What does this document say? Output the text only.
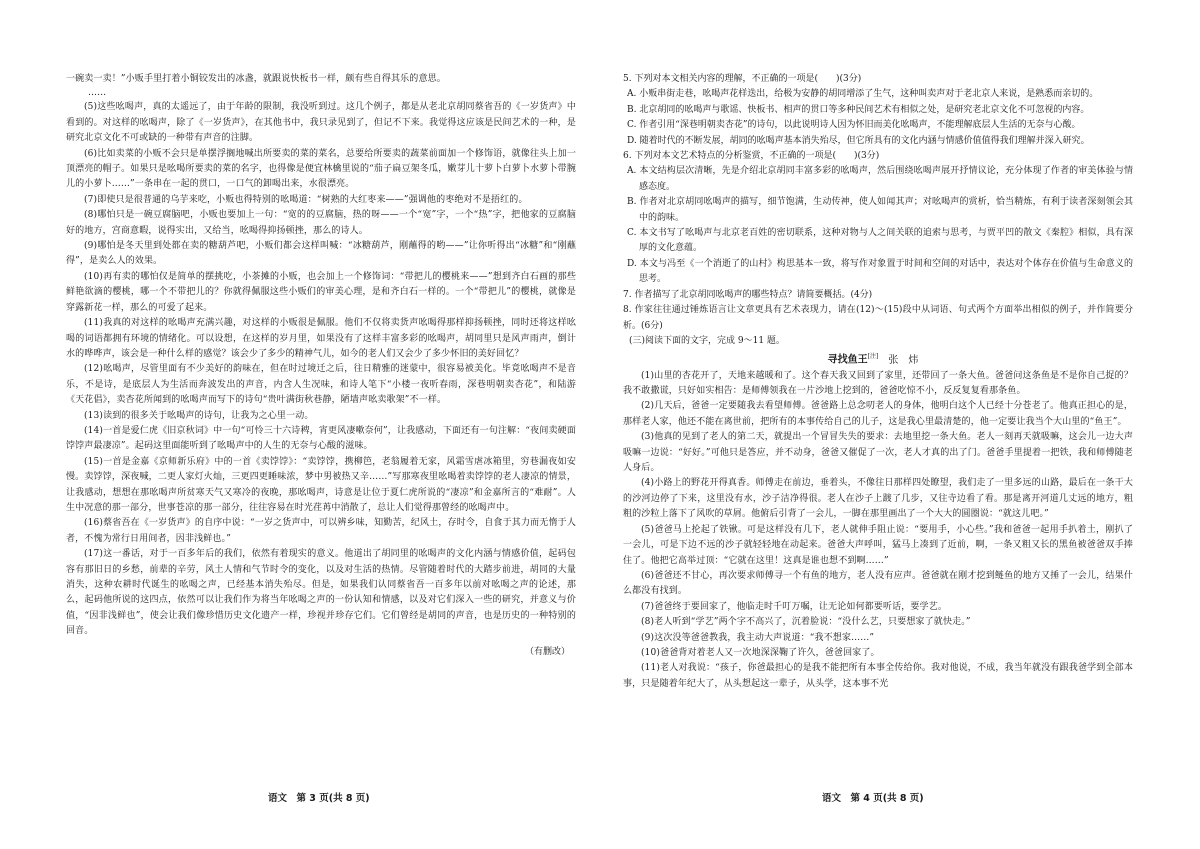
一碗卖一卖！”小贩手里打着小铜铰发出的冰盏，就跟说快板书一样，颇有些自得其乐的意思。

……

(5)这些吆喝声，真的太遥远了，由于年龄的限制，我没听到过。这几个例子，都是从老北京胡同蔡省吾的《一岁货声》中看到的。对这样的吆喝声，除了《一岁货声》，在其他书中，我只录见到了，但记不下来。我觉得这应该是民间艺术的一种，是研究北京文化不可或缺的一种带有声音的注脚。

(6)比如卖菜的小贩不会只是单摆浮搁地喊出所要卖的菜的菜名，总要给所要卖的蔬菜前面加一个修饰语，就像往头上加一顶漂亮的帽子。如果只是吆喝所要卖的菜的名字，也得像是便宜林檎里说的“茄子扁豆架冬瓜，嫩芽儿十萝卜白萝卜水萝卜带腕儿的小萝卜……”一条串在一起的贯口，一口气的卸喝出来，水很漂亮。

(7)即使只是很普通的乌芋来吃，小贩也得特别的吆喝道：“树熟的大红枣来——”强调他的枣绝对不是捂红的。

(8)哪怕只是一碗豆腐脑吧，小贩也要加上一句：“宽的的豆腐脑，热的呀——一个“宽”字，一个“热”字，把他家的豆腐脑好的地方，宫商意暇，说得实出，又给当，吆喝得抑扬顿挫，那么的诗人。

(9)哪怕是冬天里到处都在卖的糖葫芦吧，小贩们都会这样叫喊：“冰糖葫芦，刚蘸得的哟——”让你听得出“冰糖”和“刚蘸得”，是卖么人的效果。

(10)再有卖的哪怕仅是简单的摆挑吃，小茶摊的小贩，也会加上一个修饰词：“带把儿的樱桃来——”想到齐白石画的那些鲜艳欲滴的樱桃，哪一个不带把儿的？你就得佩服这些小贩们的审美心理，是和齐白石一样的。一个“带把儿”的樱桃，就像是穿露新花一样，那么的可爱了起来。

(11)我真的对这样的吆喝声充满兴趣，对这样的小贩很是佩服。他们不仅将卖货声吆喝得那样抑扬顿挫，同时还将这样吆喝的词语都拥有环境的情绪化。可以设想，在这样的岁月里，如果没有了这样丰富多彩的吆喝声，胡同里只是风声雨声，倒计水的哗哗声，该会是一种什么样的感觉？该会少了多少的精神气儿，如今的老人们又会少了多少怀旧的美好回忆？

(12)吆喝声，尽管里面有不少美好的韵味在，但在时过境迁之后，往日精雅的迷蒙中，很容易被美化。毕竟吆喝声不是音乐，不是诗，是底层人为生活而奔波发出的声音，内含人生况味，和诗人笔下“小楼一夜听春雨，深巷明朝卖杏花”，和陆游《天花倡》，卖杏花所闻到的吆喝声而写下的诗句“贵叶满街秋巷静，陋墙声吆卖歌架”不一样。

(13)读到的很多关于吆喝声的诗句，让我为之心里一动。

(14)一首是爱仁虎《旧京秋词》中一句“可怜三十六诗稗，宵更风凄嗽奈何”，让我感动，下面还有一句注解：“夜间卖硬面饽饽声最凄凉”。起码这里面能听到了吆喝声中的人生的无奈与心酸的滋味。

(15)一首是金嘉《京师新乐府》中的一首《卖饽饽》：“卖饽饽，携柳笆，老翁履着无家，风霜雪虐冰箱里，穷巷漏夜如安慢。卖饽饽，深夜喊，二更人家灯火灿，三更四更睡味浓，梦中男被热又辛……”写那寒夜里吆喝着卖饽饽的老人凄凉的情景，让我感动，想想在那吆喝声所贫寒天气又寒冷的夜晚，那吆喝声，诗意是让位于夏仁虎所说的“凄凉”和金嘉所言的“难耐”。人生中况意的那一部分，世事苍凉的那一部分，往往容易在时光荏苒中消散了，总让人们觉得那曾经的吆喝声中。

(16)蔡省吾在《一岁货声》的自序中说：“一岁之货声中，可以辨乡味，知勤苦，纪风土，存时令，自食于其力而无惰于人者，不愧为常行日用间者，因非浅鲜也。”

(17)这一番话，对于一百多年后的我们，依然有着现实的意义。他道出了胡同里的吆喝声的文化内涵与情感价值，起码包容有那旧日的乡愁，前辈的辛劳，风土人情和气节时令的变化，以及对生活的热情。尽管随着时代的大踏步前进，胡同的大量消失，这种农耕时代诞生的吆喝之声，已经基本消失殆尽。但是，如果我们认同蔡省吾一百多年以前对吆喝之声的论述，那么，起码他所说的这四点，依然可以让我们作为将当年吆喝之声的一份认知和情感，以及对它们深入一些的研究，并意义与价值，“因非浅鲜也”，使会让我们像珍惜历史文化遗产一样，珍视并珍存它们。它们曾经是胡同的声音，也是历史的一种特别的回音。

（有删改）

5. 下列对本文相关内容的理解，不正确的一项是(　　)(3分)

A. 小贩串街走巷，吆喝声花样迭出，给极为安静的胡同增添了生气，这种叫卖声对于老北京人来说，是熟悉而亲切的。

B. 北京胡同的吆喝声与歌谣、快板书、相声的贯口等多种民间艺术有相似之处，是研究老北京文化不可忽视的内容。

C. 作者引用“深巷明朝卖杏花”的诗句，以此说明诗人因为怀旧而美化吆喝声，不能理解底层人生活的无奈与心酸。

D. 随着时代的不断发展，胡同的吆喝声基本消失殆尽，但它所具有的文化内涵与情感价值值得我们理解并深入研究。

6. 下列对本文艺术特点的分析鉴赏，不正确的一项是(　　)(3分)

A. 本文结构层次清晰，先是介绍北京胡同丰富多彩的吆喝声，然后围绕吆喝声展开抒情议论，充分体现了作者的审美体验与情感态度。

B. 作者对北京胡同吆喝声的描写，细节饱满，生动传神，使人如闻其声；对吆喝声的赏析，恰当精炼，有利于读者深刻领会其中的韵味。

C. 本文书写了吆喝声与北京老百姓的密切联系，这种对物与人之间关联的追索与思考，与贾平凹的散文《秦腔》相似，具有深厚的文化意蕴。

D. 本文与冯至《一个消逝了的山村》构思基本一致，将写作对象置于时间和空间的对话中，表达对个体存在价值与生命意义的思考。

7. 作者描写了北京胡同吆喝声的哪些特点？请简要概括。(4分)

8. 作家往往通过锤炼语言让文章更具有艺术表现力，请在(12)～(15)段中从词语、句式两个方面举出相似的例子，并作简要分析。(6分)

(三)阅读下面的文字，完成 9～11 题。

寻找鱼王[注] 张炜

(1)山里的杏花开了，天地来越暖和了。这个春天我又回到了家里，还带回了一条大鱼。爸爸问这条鱼是不是你自己捉的？我不敢撒谎，只好如实相告：是师傅领我在一片沙地上挖到的，爸爸吃惊不小，反反复复看那条鱼。

(2)几天后，爸爸一定要随我去看望师傅。爸爸路上总念叨老人的身体，他明白这个人已经十分苍老了。他真正担心的是，那样老人家，他还不能在离世前，把所有的本事传给自己的儿子，这是我心里最清楚的，他一定要让我当个大山里的“鱼王”。

(3)他真的见到了老人的第二天，就提出一个冒冒失失的要求：去地里挖一条大鱼。老人一刻再天就吸嘛，这会儿一边大声吸嘛一边说：“好好。”可他只是答应，并不动身，爸爸又催促了一次，老人才真的出了门。爸爸手里提着一把铁，我和师傅随老人身后。

(4)小路上的野花开得真香。师傅走在前边，垂着头，不像往日那样四处瞭望，我们走了一里多远的山路，最后在一条干大的沙河边停了下来，这里没有水，沙子洁净得很。老人在沙子上踱了几步，又往寺边看了看。那是离开河道几丈远的地方，粗粗的沙粒上落下了风吹的草屑。他俯后引背了一会儿，一脚在那里画出了一个大大的圆圈说：“就这儿吧。”

(5)爸爸马上抡起了铁锹。可是这样没有几下，老人就伸手阻止说：“要用手，小心些。”我和爸爸一起用手扒着土，刚扒了一会儿，可是下边不远的沙子就轻轻地在动起来。爸爸大声呼叫，猛马上凑到了近前，啊，一条又粗又长的黑鱼被爸爸双手捧住了。他把它高举过顶：“它就在这里！这真是谁也想不到啊……”

(6)爸爸还不甘心，再次要求师傅寻一个有鱼的地方，老人没有应声。爸爸就在刚才挖到鲢鱼的地方又捶了一会儿，结果什么都没有找到。

(7)爸爸终于要回家了，他临走时千叮万嘱，让无论如何都要听话，要学艺。

(8)老人听到“学艺”两个字不高兴了，沉着脸说：“没什么艺，只要想家了就快走。”

(9)这次没等爸爸教我，我主动大声说道：“我不想家……”

(10)爸爸背对着老人又一次地深深鞠了许久，爸爸回家了。

(11)老人对我说：“孩子，你爸最担心的是我不能把所有本事全传给你。我对他说，不成，我当年就没有跟我爸学到全部本事，只是随着年纪大了，从头想起这一辈子，从头学，这本事不光

语文　第 3 页(共 8 页)	语文　第 4 页(共 8 页)
